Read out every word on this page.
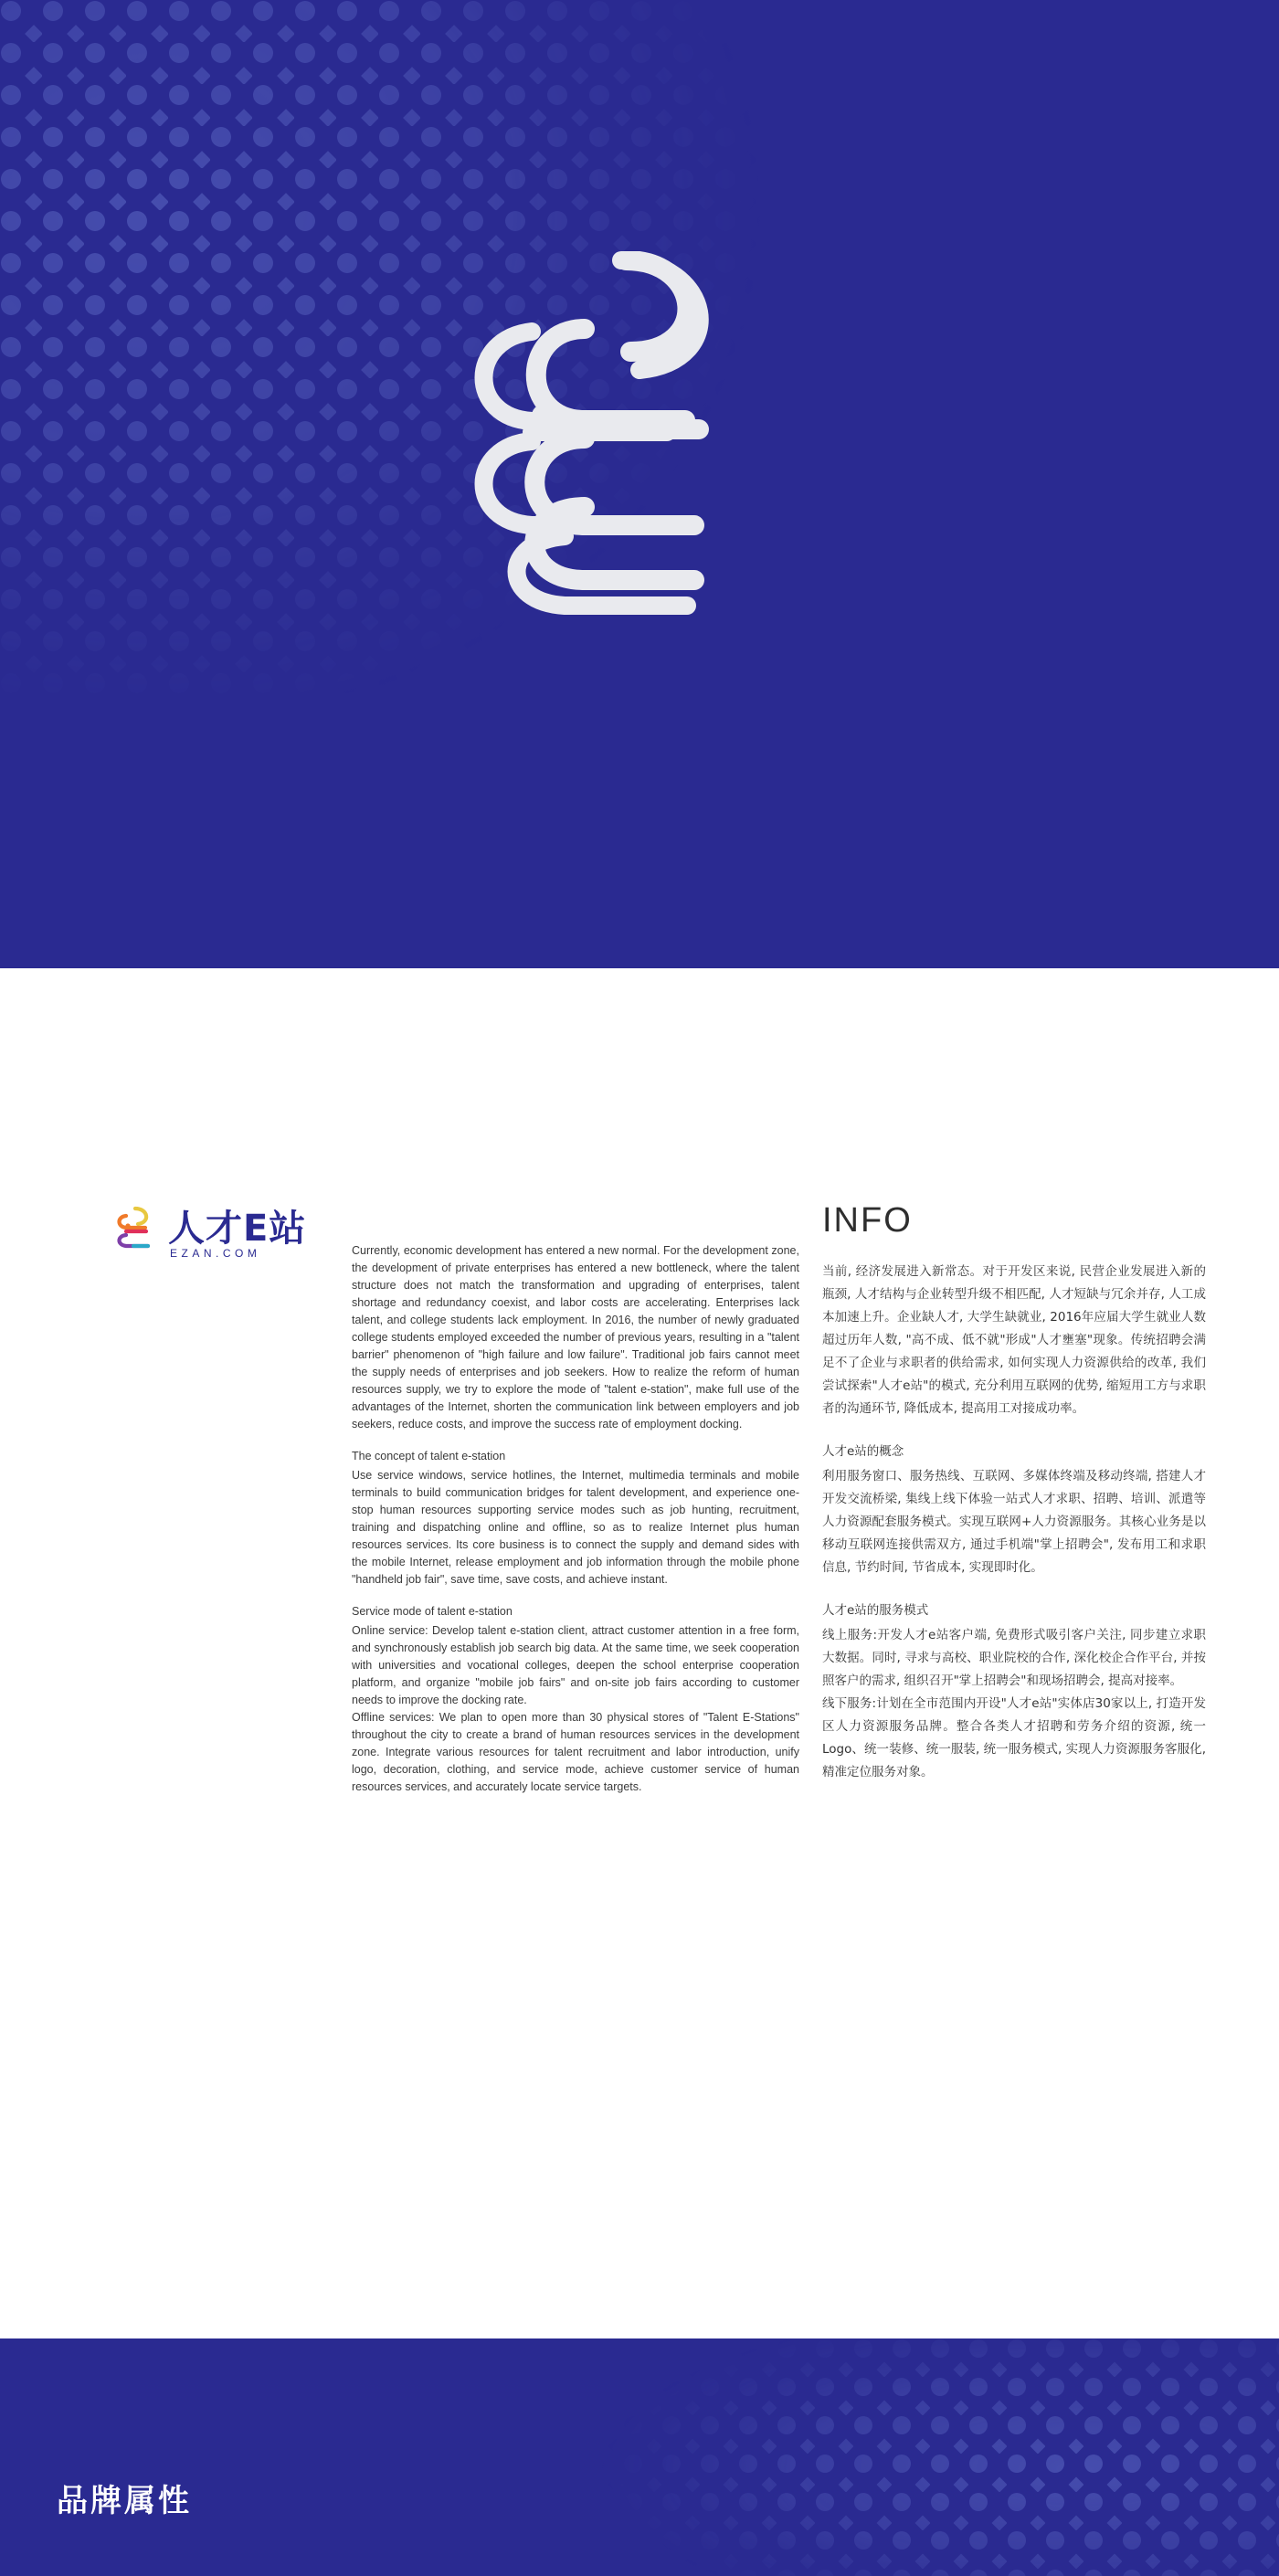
人才E站
EZAN.COM	Currently, economic development has entered a new normal. For the development zone, the development of private enterprises has entered a new bottleneck, where the talent structure does not match the transformation and upgrading of enterprises, talent shortage and redundancy coexist, and labor costs are accelerating. Enterprises lack talent, and college students lack employment. In 2016, the number of newly graduated college students employed exceeded the number of previous years, resulting in a "talent barrier" phenomenon of "high failure and low failure". Traditional job fairs cannot meet the supply needs of enterprises and job seekers. How to realize the reform of human resources supply, we try to explore the mode of "talent e-station", make full use of the advantages of the Internet, shorten the communication link between employers and job seekers, reduce costs, and improve the success rate of employment docking.

The concept of talent e-station

Use service windows, service hotlines, the Internet, multimedia terminals and mobile terminals to build communication bridges for talent development, and experience one-stop human resources supporting service modes such as job hunting, recruitment, training and dispatching online and offline, so as to realize Internet plus human resources services. Its core business is to connect the supply and demand sides with the mobile Internet, release employment and job information through the mobile phone "handheld job fair", save time, save costs, and achieve instant.

Service mode of talent e-station

Online service: Develop talent e-station client, attract customer attention in a free form, and synchronously establish job search big data. At the same time, we seek cooperation with universities and vocational colleges, deepen the school enterprise cooperation platform, and organize "mobile job fairs" and on-site job fairs according to customer needs to improve the docking rate.

Offline services: We plan to open more than 30 physical stores of "Talent E-Stations" throughout the city to create a brand of human resources services in the development zone. Integrate various resources for talent recruitment and labor introduction, unify logo, decoration, clothing, and service mode, achieve customer service of human resources services, and accurately locate service targets.

INFO

当前, 经济发展进入新常态。对于开发区来说, 民营企业发展进入新的瓶颈, 人才结构与企业转型升级不相匹配, 人才短缺与冗余并存, 人工成本加速上升。企业缺人才, 大学生缺就业, 2016年应届大学生就业人数超过历年人数, "高不成、低不就"形成"人才壅塞"现象。传统招聘会满足不了企业与求职者的供给需求, 如何实现人力资源供给的改革, 我们尝试探索"人才e站"的模式, 充分利用互联网的优势, 缩短用工方与求职者的沟通环节, 降低成本, 提高用工对接成功率。

人才e站的概念

利用服务窗口、服务热线、互联网、多媒体终端及移动终端, 搭建人才开发交流桥梁, 集线上线下体验一站式人才求职、招聘、培训、派遣等人力资源配套服务模式。实现互联网+人力资源服务。其核心业务是以移动互联网连接供需双方, 通过手机端"掌上招聘会", 发布用工和求职信息, 节约时间, 节省成本, 实现即时化。

人才e站的服务模式

线上服务:开发人才e站客户端, 免费形式吸引客户关注, 同步建立求职大数据。同时, 寻求与高校、职业院校的合作, 深化校企合作平台, 并按照客户的需求, 组织召开"掌上招聘会"和现场招聘会, 提高对接率。

线下服务:计划在全市范围内开设"人才e站"实体店30家以上, 打造开发区人力资源服务品牌。整合各类人才招聘和劳务介绍的资源, 统一Logo、统一装修、统一服装, 统一服务模式, 实现人力资源服务客服化, 精准定位服务对象。

品牌属性
